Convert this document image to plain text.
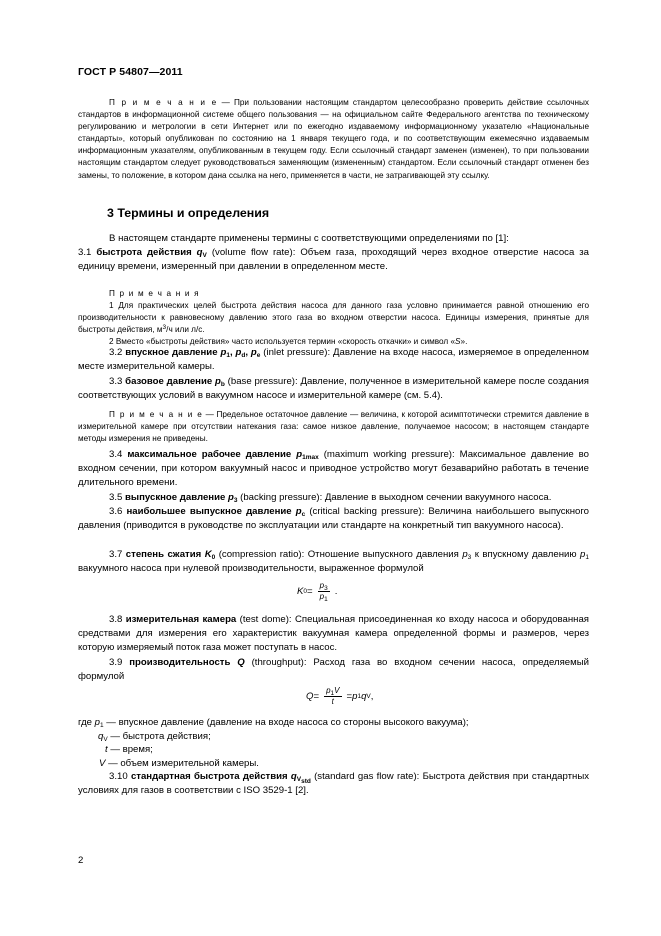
ГОСТ Р 54807—2011
П р и м е ч а н и е — При пользовании настоящим стандартом целесообразно проверить действие ссылочных стандартов в информационной системе общего пользования — на официальном сайте Федерального агентства по техническому регулированию и метрологии в сети Интернет или по ежегодно издаваемому информационному указателю «Национальные стандарты», который опубликован по состоянию на 1 января текущего года, и по соответствующим ежемесячно издаваемым информационным указателям, опубликованным в текущем году. Если ссылочный стандарт заменен (изменен), то при пользовании настоящим стандартом следует руководствоваться заменяющим (измененным) стандартом. Если ссылочный стандарт отменен без замены, то положение, в котором дана ссылка на него, применяется в части, не затрагивающей эту ссылку.
3 Термины и определения
В настоящем стандарте применены термины с соответствующими определениями по [1]:
3.1 быстрота действия $q_V$ (volume flow rate): Объем газа, проходящий через входное отверстие насоса за единицу времени, измеренный при давлении в определенном месте.
П р и м е ч а н и я
1 Для практических целей быстрота действия насоса для данного газа условно принимается равной отношению его производительности к равновесному давлению этого газа во входном отверстии насоса. Единицы измерения, принятые для быстроты действия, $м^3/ч$ или л/с.
2 Вместо «быстроты действия» часто используется термин «скорость откачки» и символ «S».
3.2 впускное давление $p_1$, $p_d$, $p_e$ (inlet pressure): Давление на входе насоса, измеряемое в определенном месте измерительной камеры.
3.3 базовое давление $p_b$ (base pressure): Давление, полученное в измерительной камере после создания соответствующих условий в вакуумном насосе и измерительной камере (см. 5.4).
П р и м е ч а н и е — Предельное остаточное давление — величина, к которой асимптотически стремится давление в измерительной камере при отсутствии натекания газа: самое низкое давление, получаемое насосом; в настоящем стандарте методы измерения не приведены.
3.4 максимальное рабочее давление $p_{1max}$ (maximum working pressure): Максимальное давление во входном сечении, при котором вакуумный насос и приводное устройство могут безаварийно работать в течение длительного времени.
3.5 выпускное давление $p_3$ (backing pressure): Давление в выходном сечении вакуумного насоса.
3.6 наибольшее выпускное давление $p_c$ (critical backing pressure): Величина наибольшего выпускного давления (приводится в руководстве по эксплуатации или стандарте на конкретный тип вакуумного насоса).
3.7 степень сжатия $K_0$ (compression ratio): Отношение выпускного давления $p_3$ к впускному давлению $p_1$ вакуумного насоса при нулевой производительности, выраженное формулой
K $0 = \frac{p_3}{p_1}$ .
3.8 измерительная камера (test dome): Специальная присоединенная ко входу насоса и оборудованная средствами для измерения его характеристик вакуумная камера определенной формы и размеров, через которую измеряемый поток газа может поступать в насос.
3.9 производительность Q (throughput): Расход газа во входном сечении насоса, определяемый формулой
$Q = \frac{p_1V}{t} = p$ 1 q V ,
где $p_1$ — впускное давление (давление на входе насоса со стороны высокого вакуума);
$q_V$ — быстрота действия;
t — время;
V — объем измерительной камеры.
3.10 стандартная быстрота действия $q_{V_{std}}$ (standard gas flow rate): Быстрота действия при стандартных условиях для газов в соответствии с ISO 3529-1 [2].
2
